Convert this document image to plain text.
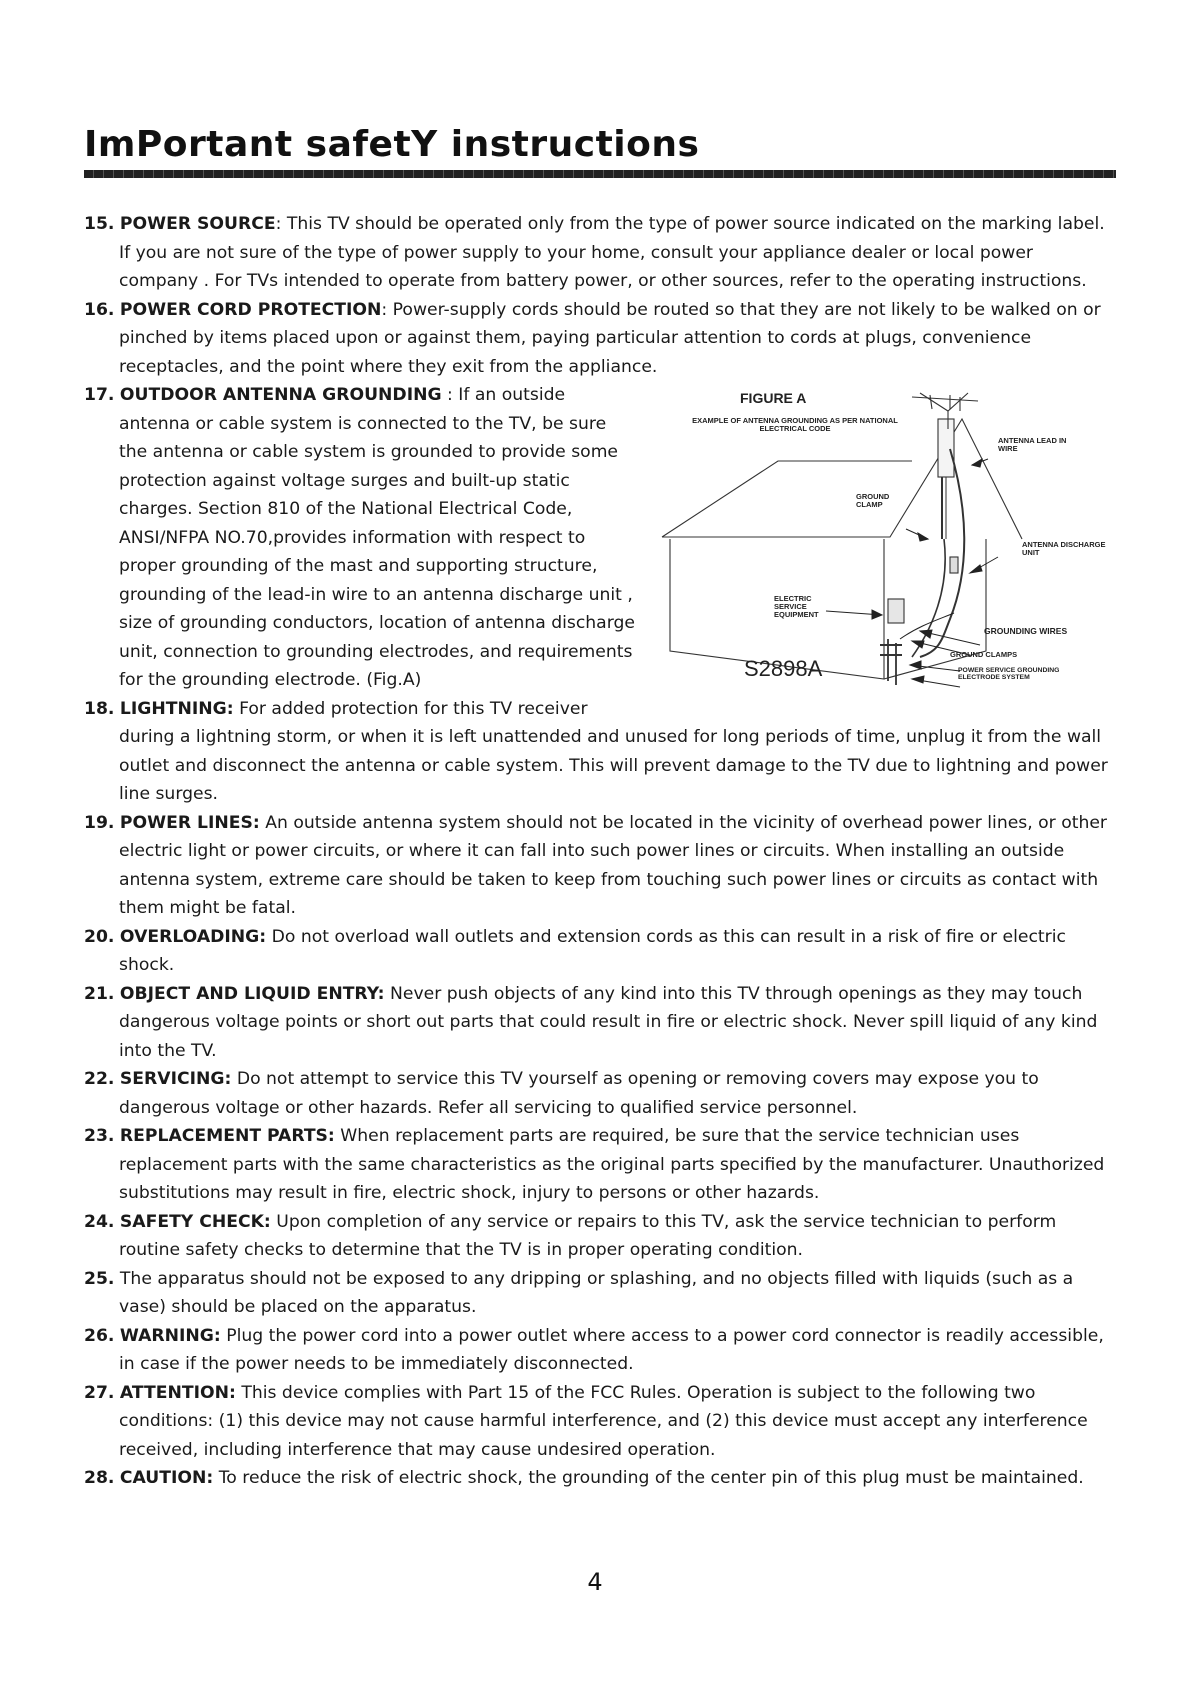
ImPortant safetY instructions

15. POWER SOURCE: This TV should be operated only from the type of power source indicated on the marking label. If you are not sure of the type of power supply to your home, consult your appliance dealer or local power company . For TVs intended to operate from battery power, or other sources, refer to the operating instructions.

16. POWER CORD PROTECTION: Power-supply cords should be routed so that they are not likely to be walked on or pinched by items placed upon or against them, paying particular attention to cords at plugs, convenience receptacles, and the point where they exit from the appliance.

FIGURE A
EXAMPLE OF ANTENNA GROUNDING AS PER NATIONAL ELECTRICAL CODE
ANTENNA LEAD IN WIRE
GROUND CLAMP
ANTENNA DISCHARGE UNIT
ELECTRIC SERVICE EQUIPMENT
GROUNDING WIRES
GROUND CLAMPS
POWER SERVICE GROUNDING ELECTRODE SYSTEM
S2898A

17. OUTDOOR ANTENNA GROUNDING : If an outside antenna or cable system is connected to the TV, be sure the antenna or cable system is grounded to provide some protection against voltage surges and built-up static charges. Section 810 of the National Electrical Code, ANSI/NFPA NO.70,provides information with respect to proper grounding of the mast and supporting structure, grounding of the lead-in wire to an antenna discharge unit , size of grounding conductors, location of antenna discharge unit, connection to grounding electrodes, and requirements for the grounding electrode. (Fig.A)

18. LIGHTNING: For added protection for this TV receiver during a lightning storm, or when it is left unattended and unused for long periods of time, unplug it from the wall outlet and disconnect the antenna or cable system. This will prevent damage to the TV due to lightning and power line surges.

19. POWER LINES: An outside antenna system should not be located in the vicinity of overhead power lines, or other electric light or power circuits, or where it can fall into such power lines or circuits. When installing an outside antenna system, extreme care should be taken to keep from touching such power lines or circuits as contact with them might be fatal.

20. OVERLOADING: Do not overload wall outlets and extension cords as this can result in a risk of fire or electric shock.

21. OBJECT AND LIQUID ENTRY: Never push objects of any kind into this TV through openings as they may touch dangerous voltage points or short out parts that could result in fire or electric shock. Never spill liquid of any kind into the TV.

22. SERVICING: Do not attempt to service this TV yourself as opening or removing covers may expose you to dangerous voltage or other hazards. Refer all servicing to qualified service personnel.

23. REPLACEMENT PARTS: When replacement parts are required, be sure that the service technician uses replacement parts with the same characteristics as the original parts specified by the manufacturer. Unauthorized substitutions may result in fire, electric shock, injury to persons or other hazards.

24. SAFETY CHECK: Upon completion of any service or repairs to this TV, ask the service technician to perform routine safety checks to determine that the TV is in proper operating condition.

25. The apparatus should not be exposed to any dripping or splashing, and no objects filled with liquids (such as a vase) should be placed on the apparatus.

26. WARNING: Plug the power cord into a power outlet where access to a power cord connector is readily accessible, in case if the power needs to be immediately disconnected.

27. ATTENTION: This device complies with Part 15 of the FCC Rules. Operation is subject to the following two conditions: (1) this device may not cause harmful interference, and (2) this device must accept any interference received, including interference that may cause undesired operation.

28. CAUTION: To reduce the risk of electric shock, the grounding of the center pin of this plug must be maintained.

4
